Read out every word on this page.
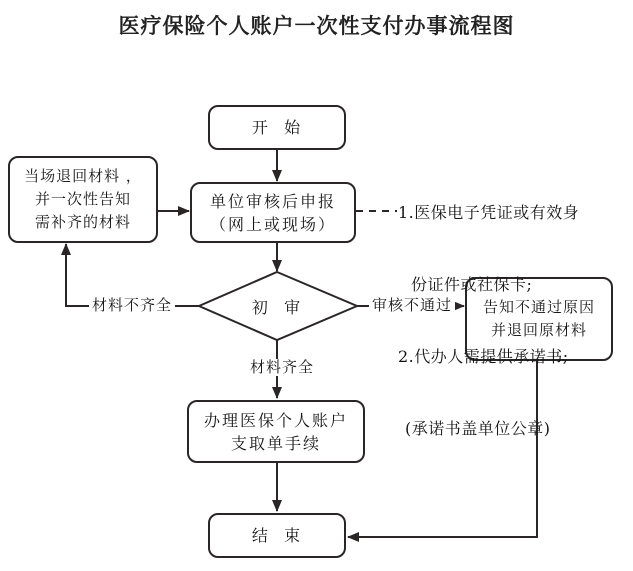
医疗保险个人账户一次性支付办事流程图
开  始
单位审核后申报
（网上或现场）
当场退回材料 ，
并一次性告知
需补齐的材料
初  审	告知不通过原因
并退回原材料
办理医保个人账户
支取单手续
结  束
材料不齐全	审核不通过
材料齐全

1.医保电子凭证或有效身

份证件或社保卡;

2.代办人需提供承诺书;

(承诺书盖单位公章)
